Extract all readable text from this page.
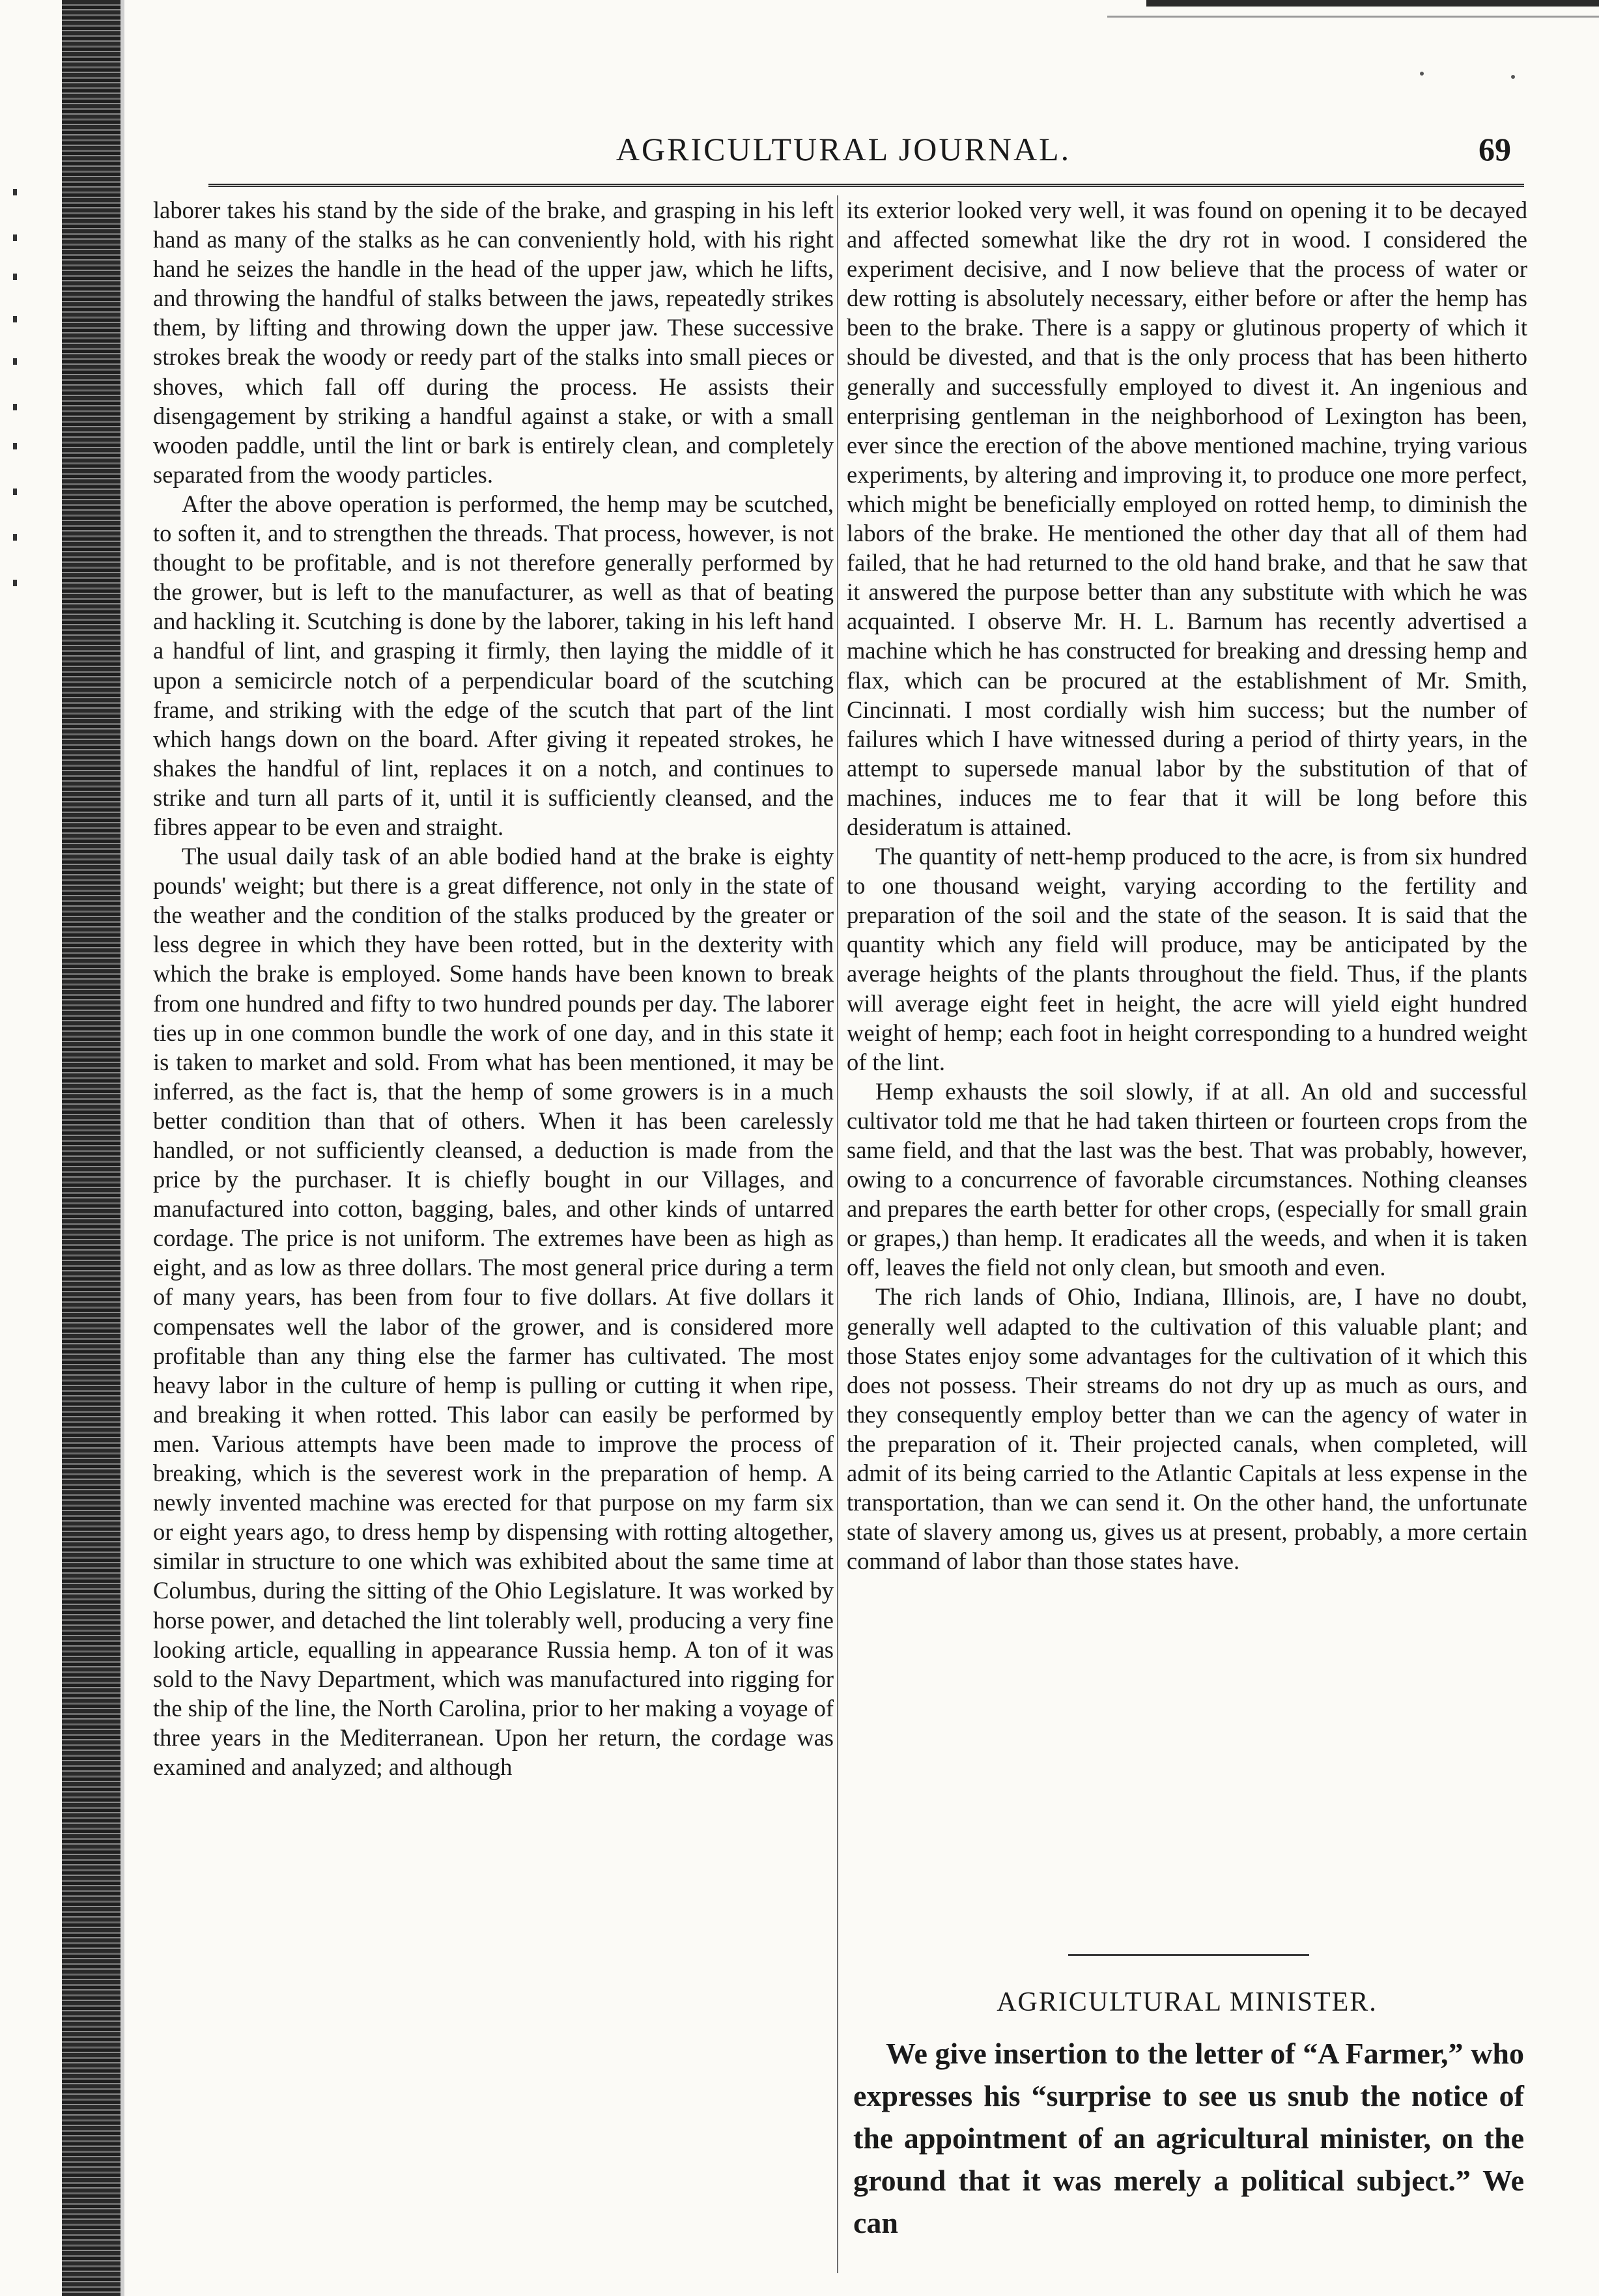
AGRICULTURAL JOURNAL.	69

laborer takes his stand by the side of the brake, and grasping in his left hand as many of the stalks as he can conveniently hold, with his right hand he seizes the handle in the head of the upper jaw, which he lifts, and throwing the handful of stalks between the jaws, repeatedly strikes them, by lifting and throwing down the upper jaw. These successive strokes break the woody or reedy part of the stalks into small pieces or shoves, which fall off during the process. He assists their disengagement by striking a handful against a stake, or with a small wooden paddle, until the lint or bark is entirely clean, and completely separated from the woody particles.

After the above operation is performed, the hemp may be scutched, to soften it, and to strengthen the threads. That process, however, is not thought to be profitable, and is not therefore generally performed by the grower, but is left to the manufacturer, as well as that of beating and hackling it. Scutching is done by the laborer, taking in his left hand a handful of lint, and grasping it firmly, then laying the middle of it upon a semicircle notch of a perpendicular board of the scutching frame, and striking with the edge of the scutch that part of the lint which hangs down on the board. After giving it repeated strokes, he shakes the handful of lint, replaces it on a notch, and continues to strike and turn all parts of it, until it is sufficiently cleansed, and the fibres appear to be even and straight.

The usual daily task of an able bodied hand at the brake is eighty pounds' weight; but there is a great difference, not only in the state of the weather and the condition of the stalks produced by the greater or less degree in which they have been rotted, but in the dexterity with which the brake is employed. Some hands have been known to break from one hundred and fifty to two hundred pounds per day. The laborer ties up in one common bundle the work of one day, and in this state it is taken to market and sold. From what has been mentioned, it may be inferred, as the fact is, that the hemp of some growers is in a much better condition than that of others. When it has been carelessly handled, or not sufficiently cleansed, a deduction is made from the price by the purchaser. It is chiefly bought in our Villages, and manufactured into cotton, bagging, bales, and other kinds of untarred cordage. The price is not uniform. The extremes have been as high as eight, and as low as three dollars. The most general price during a term of many years, has been from four to five dollars. At five dollars it compensates well the labor of the grower, and is considered more profitable than any thing else the farmer has cultivated. The most heavy labor in the culture of hemp is pulling or cutting it when ripe, and breaking it when rotted. This labor can easily be performed by men. Various attempts have been made to improve the process of breaking, which is the severest work in the preparation of hemp. A newly invented machine was erected for that purpose on my farm six or eight years ago, to dress hemp by dispensing with rotting altogether, similar in structure to one which was exhibited about the same time at Columbus, during the sitting of the Ohio Legislature. It was worked by horse power, and detached the lint tolerably well, producing a very fine looking article, equalling in appearance Russia hemp. A ton of it was sold to the Navy Department, which was manufactured into rigging for the ship of the line, the North Carolina, prior to her making a voyage of three years in the Mediterranean. Upon her return, the cordage was examined and analyzed; and although

its exterior looked very well, it was found on opening it to be decayed and affected somewhat like the dry rot in wood. I considered the experiment decisive, and I now believe that the process of water or dew rotting is absolutely necessary, either before or after the hemp has been to the brake. There is a sappy or glutinous property of which it should be divested, and that is the only process that has been hitherto generally and successfully employed to divest it. An ingenious and enterprising gentleman in the neighborhood of Lexington has been, ever since the erection of the above mentioned machine, trying various experiments, by altering and improving it, to produce one more perfect, which might be beneficially employed on rotted hemp, to diminish the labors of the brake. He mentioned the other day that all of them had failed, that he had returned to the old hand brake, and that he saw that it answered the purpose better than any substitute with which he was acquainted. I observe Mr. H. L. Barnum has recently advertised a machine which he has constructed for breaking and dressing hemp and flax, which can be procured at the establishment of Mr. Smith, Cincinnati. I most cordially wish him success; but the number of failures which I have witnessed during a period of thirty years, in the attempt to supersede manual labor by the substitution of that of machines, induces me to fear that it will be long before this desideratum is attained.

The quantity of nett-hemp produced to the acre, is from six hundred to one thousand weight, varying according to the fertility and preparation of the soil and the state of the season. It is said that the quantity which any field will produce, may be anticipated by the average heights of the plants throughout the field. Thus, if the plants will average eight feet in height, the acre will yield eight hundred weight of hemp; each foot in height corresponding to a hundred weight of the lint.

Hemp exhausts the soil slowly, if at all. An old and successful cultivator told me that he had taken thirteen or fourteen crops from the same field, and that the last was the best. That was probably, however, owing to a concurrence of favorable circumstances. Nothing cleanses and prepares the earth better for other crops, (especially for small grain or grapes,) than hemp. It eradicates all the weeds, and when it is taken off, leaves the field not only clean, but smooth and even.

The rich lands of Ohio, Indiana, Illinois, are, I have no doubt, generally well adapted to the cultivation of this valuable plant; and those States enjoy some advantages for the cultivation of it which this does not possess. Their streams do not dry up as much as ours, and they consequently employ better than we can the agency of water in the preparation of it. Their projected canals, when completed, will admit of its being carried to the Atlantic Capitals at less expense in the transportation, than we can send it. On the other hand, the unfortunate state of slavery among us, gives us at present, probably, a more certain command of labor than those states have.

AGRICULTURAL MINISTER.

We give insertion to the letter of “A Farmer,” who expresses his “surprise to see us snub the notice of the appointment of an agricultural minister, on the ground that it was merely a political subject.” We can
